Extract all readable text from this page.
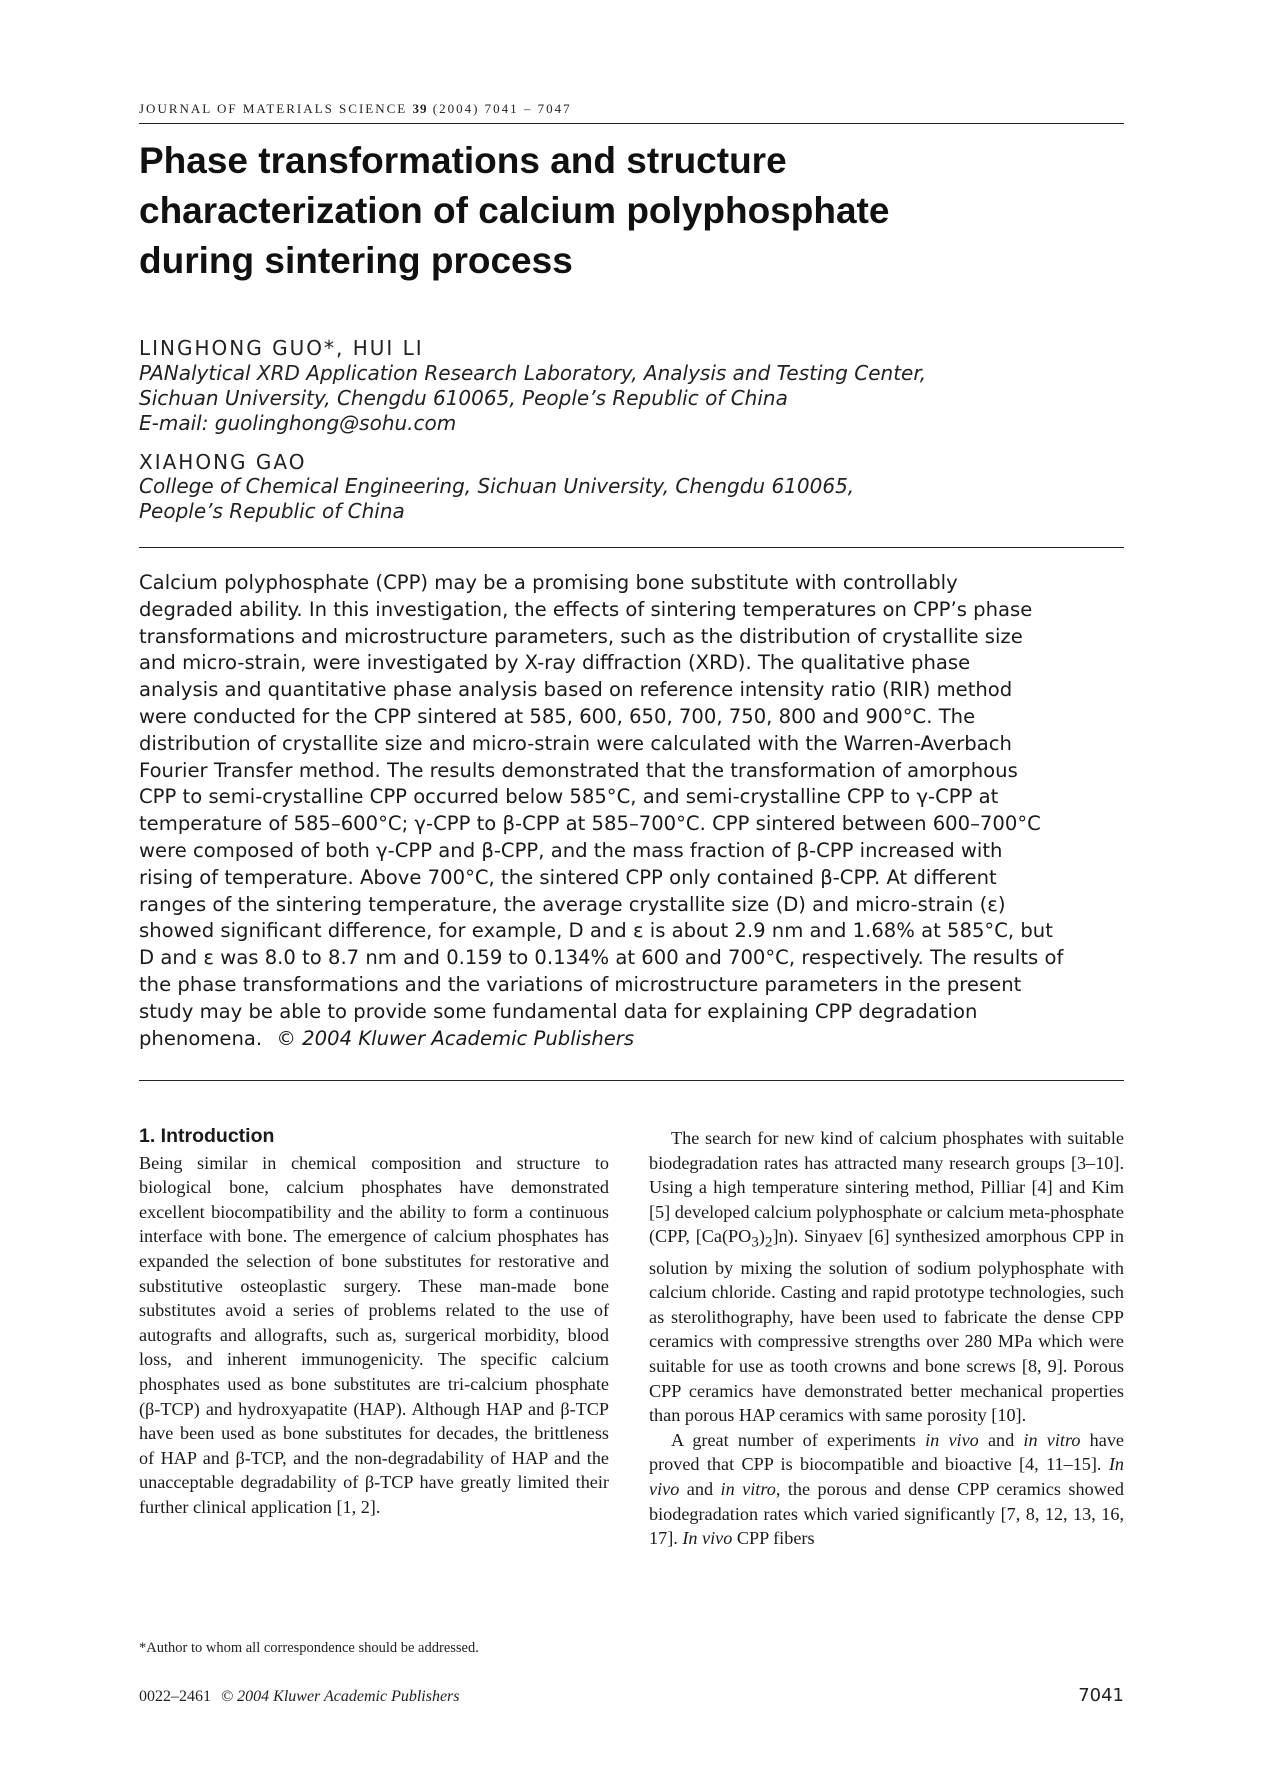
JOURNAL OF MATERIALS SCIENCE 39 (2004) 7041 – 7047
Phase transformations and structure
characterization of calcium polyphosphate
during sintering process
LINGHONG GUO*, HUI LI
PANalytical XRD Application Research Laboratory, Analysis and Testing Center,
Sichuan University, Chengdu 610065, People’s Republic of China
E-mail: guolinghong@sohu.com
XIAHONG GAO
College of Chemical Engineering, Sichuan University, Chengdu 610065,
People’s Republic of China
Calcium polyphosphate (CPP) may be a promising bone substitute with controllably
degraded ability. In this investigation, the effects of sintering temperatures on CPP’s phase
transformations and microstructure parameters, such as the distribution of crystallite size
and micro-strain, were investigated by X-ray diffraction (XRD). The qualitative phase
analysis and quantitative phase analysis based on reference intensity ratio (RIR) method
were conducted for the CPP sintered at 585, 600, 650, 700, 750, 800 and 900°C. The
distribution of crystallite size and micro-strain were calculated with the Warren-Averbach
Fourier Transfer method. The results demonstrated that the transformation of amorphous
CPP to semi-crystalline CPP occurred below 585°C, and semi-crystalline CPP to γ-CPP at
temperature of 585–600°C; γ-CPP to β-CPP at 585–700°C. CPP sintered between 600–700°C
were composed of both γ-CPP and β-CPP, and the mass fraction of β-CPP increased with
rising of temperature. Above 700°C, the sintered CPP only contained β-CPP. At different
ranges of the sintering temperature, the average crystallite size (D) and micro-strain (ε)
showed significant difference, for example, D and ε is about 2.9 nm and 1.68% at 585°C, but
D and ε was 8.0 to 8.7 nm and 0.159 to 0.134% at 600 and 700°C, respectively. The results of
the phase transformations and the variations of microstructure parameters in the present
study may be able to provide some fundamental data for explaining CPP degradation
phenomena. © 2004 Kluwer Academic Publishers
1. Introduction

Being similar in chemical composition and structure to biological bone, calcium phosphates have demonstrated excellent biocompatibility and the ability to form a continuous interface with bone. The emergence of calcium phosphates has expanded the selection of bone substitutes for restorative and substitutive osteoplastic surgery. These man-made bone substitutes avoid a series of problems related to the use of autografts and allografts, such as, surgerical morbidity, blood loss, and inherent immunogenicity. The specific calcium phosphates used as bone substitutes are tri-calcium phosphate (β-TCP) and hydroxyapatite (HAP). Although HAP and β-TCP have been used as bone substitutes for decades, the brittleness of HAP and β-TCP, and the non-degradability of HAP and the unacceptable degradability of β-TCP have greatly limited their further clinical application [1, 2].

The search for new kind of calcium phosphates with suitable biodegradation rates has attracted many research groups [3–10]. Using a high temperature sintering method, Pilliar [4] and Kim [5] developed calcium polyphosphate or calcium meta-phosphate (CPP, $[Ca(PO_3)_2]n$). Sinyaev [6] synthesized amorphous CPP in solution by mixing the solution of sodium polyphosphate with calcium chloride. Casting and rapid prototype technologies, such as sterolithography, have been used to fabricate the dense CPP ceramics with compressive strengths over 280 MPa which were suitable for use as tooth crowns and bone screws [8, 9]. Porous CPP ceramics have demonstrated better mechanical properties than porous HAP ceramics with same porosity [10].

A great number of experiments in vivo and in vitro have proved that CPP is biocompatible and bioactive [4, 11–15]. In vivo and in vitro, the porous and dense CPP ceramics showed biodegradation rates which varied significantly [7, 8, 12, 13, 16, 17]. In vivo CPP fibers

*Author to whom all correspondence should be addressed.
0022–2461 © 2004 Kluwer Academic Publishers	7041
